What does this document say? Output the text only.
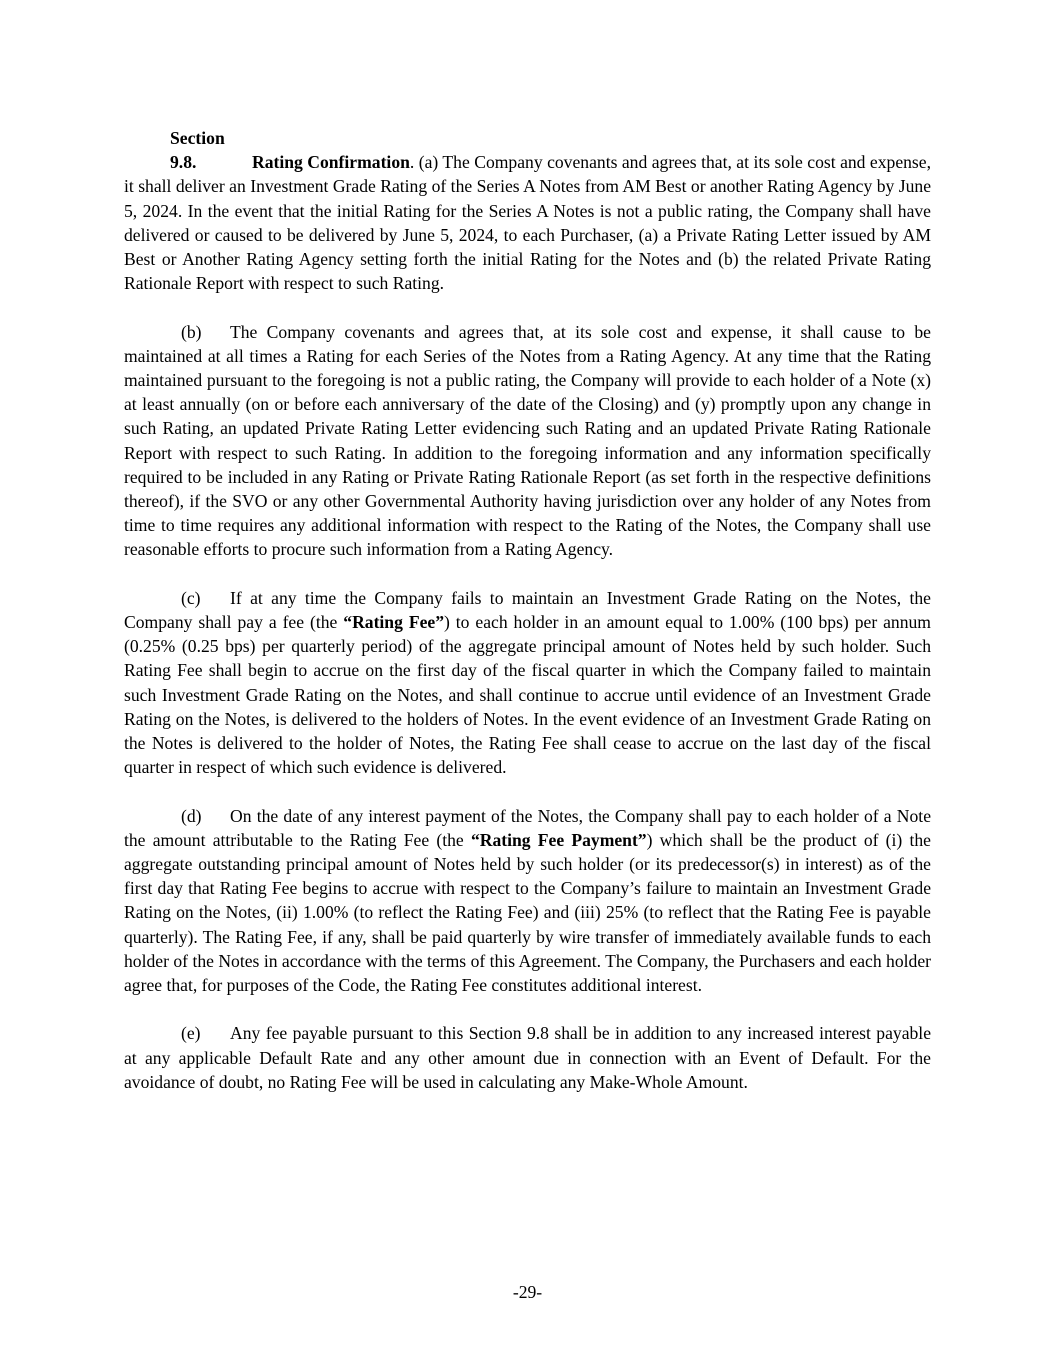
Section 9.8.	Rating Confirmation. (a) The Company covenants and agrees that, at its sole cost and expense, it shall deliver an Investment Grade Rating of the Series A Notes from AM Best or another Rating Agency by June 5, 2024. In the event that the initial Rating for the Series A Notes is not a public rating, the Company shall have delivered or caused to be delivered by June 5, 2024, to each Purchaser, (a) a Private Rating Letter issued by AM Best or Another Rating Agency setting forth the initial Rating for the Notes and (b) the related Private Rating Rationale Report with respect to such Rating.

(b) The Company covenants and agrees that, at its sole cost and expense, it shall cause to be maintained at all times a Rating for each Series of the Notes from a Rating Agency. At any time that the Rating maintained pursuant to the foregoing is not a public rating, the Company will provide to each holder of a Note (x) at least annually (on or before each anniversary of the date of the Closing) and (y) promptly upon any change in such Rating, an updated Private Rating Letter evidencing such Rating and an updated Private Rating Rationale Report with respect to such Rating. In addition to the foregoing information and any information specifically required to be included in any Rating or Private Rating Rationale Report (as set forth in the respective definitions thereof), if the SVO or any other Governmental Authority having jurisdiction over any holder of any Notes from time to time requires any additional information with respect to the Rating of the Notes, the Company shall use reasonable efforts to procure such information from a Rating Agency.

(c) If at any time the Company fails to maintain an Investment Grade Rating on the Notes, the Company shall pay a fee (the “Rating Fee”) to each holder in an amount equal to 1.00% (100 bps) per annum (0.25% (0.25 bps) per quarterly period) of the aggregate principal amount of Notes held by such holder. Such Rating Fee shall begin to accrue on the first day of the fiscal quarter in which the Company failed to maintain such Investment Grade Rating on the Notes, and shall continue to accrue until evidence of an Investment Grade Rating on the Notes, is delivered to the holders of Notes. In the event evidence of an Investment Grade Rating on the Notes is delivered to the holder of Notes, the Rating Fee shall cease to accrue on the last day of the fiscal quarter in respect of which such evidence is delivered.

(d) On the date of any interest payment of the Notes, the Company shall pay to each holder of a Note the amount attributable to the Rating Fee (the “Rating Fee Payment”) which shall be the product of (i) the aggregate outstanding principal amount of Notes held by such holder (or its predecessor(s) in interest) as of the first day that Rating Fee begins to accrue with respect to the Company’s failure to maintain an Investment Grade Rating on the Notes, (ii) 1.00% (to reflect the Rating Fee) and (iii) 25% (to reflect that the Rating Fee is payable quarterly). The Rating Fee, if any, shall be paid quarterly by wire transfer of immediately available funds to each holder of the Notes in accordance with the terms of this Agreement. The Company, the Purchasers and each holder agree that, for purposes of the Code, the Rating Fee constitutes additional interest.

(e) Any fee payable pursuant to this Section 9.8 shall be in addition to any increased interest payable at any applicable Default Rate and any other amount due in connection with an Event of Default. For the avoidance of doubt, no Rating Fee will be used in calculating any Make-Whole Amount.

-29-
